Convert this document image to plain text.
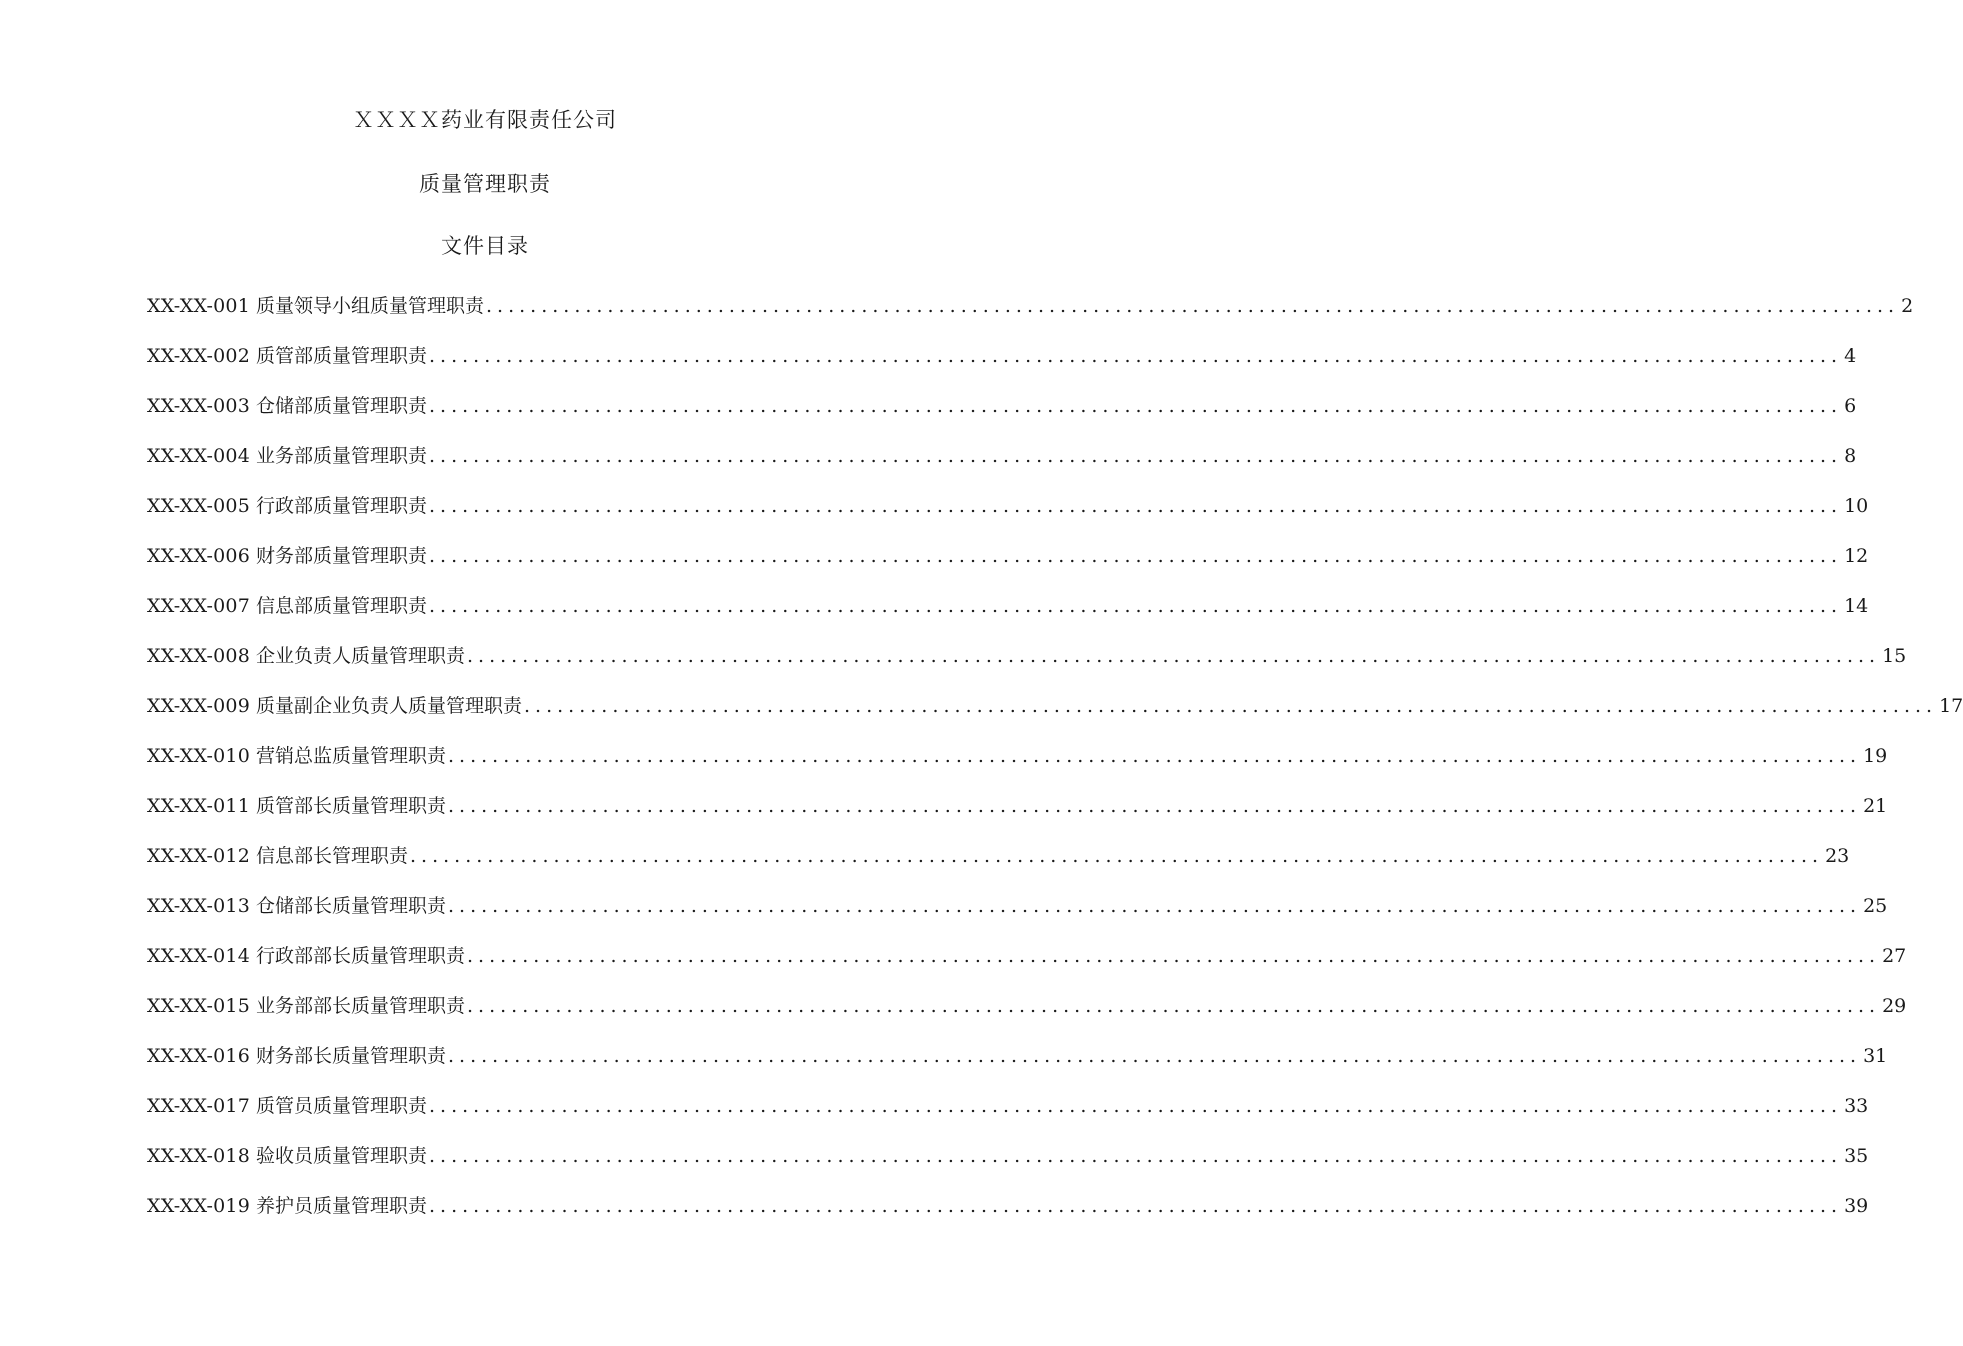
ＸＸＸＸ药业有限责任公司
质量管理职责
文件目录
XX-XX-001 质量领导小组质量管理职责 ................................................................................................................................ 2
XX-XX-002 质管部质量管理职责 ................................................................................................................................ 4
XX-XX-003 仓储部质量管理职责 ................................................................................................................................ 6
XX-XX-004 业务部质量管理职责 ................................................................................................................................ 8
XX-XX-005 行政部质量管理职责 ................................................................................................................................ 10
XX-XX-006 财务部质量管理职责 ................................................................................................................................ 12
XX-XX-007 信息部质量管理职责 ................................................................................................................................ 14
XX-XX-008 企业负责人质量管理职责 ................................................................................................................................ 15
XX-XX-009 质量副企业负责人质量管理职责 ................................................................................................................................ 17
XX-XX-010 营销总监质量管理职责 ................................................................................................................................ 19
XX-XX-011 质管部长质量管理职责 ................................................................................................................................ 21
XX-XX-012 信息部长管理职责 ................................................................................................................................ 23
XX-XX-013 仓储部长质量管理职责 ................................................................................................................................ 25
XX-XX-014 行政部部长质量管理职责 ................................................................................................................................ 27
XX-XX-015 业务部部长质量管理职责 ................................................................................................................................ 29
XX-XX-016 财务部长质量管理职责 ................................................................................................................................ 31
XX-XX-017 质管员质量管理职责 ................................................................................................................................ 33
XX-XX-018 验收员质量管理职责 ................................................................................................................................ 35
XX-XX-019 养护员质量管理职责 ................................................................................................................................ 39
